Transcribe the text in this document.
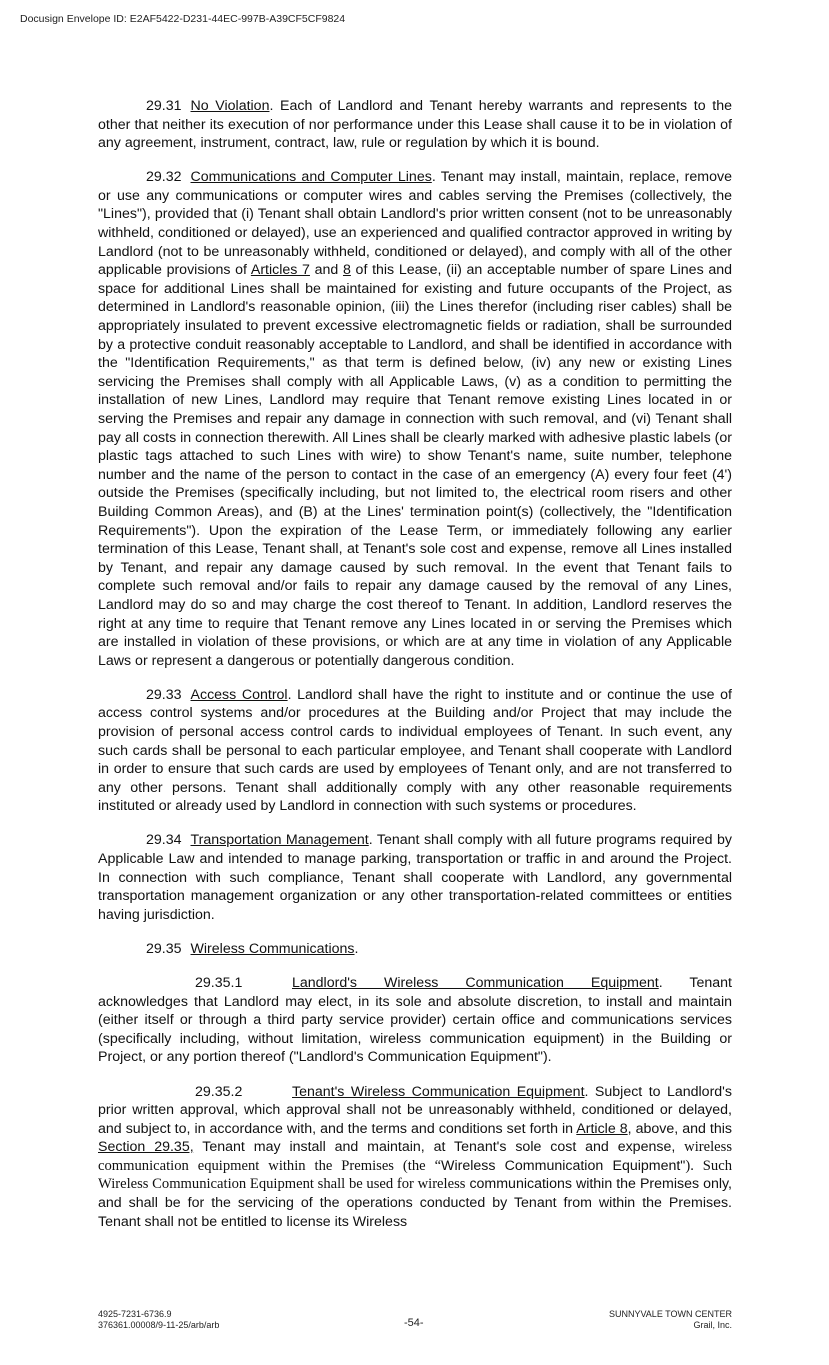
Docusign Envelope ID: E2AF5422-D231-44EC-997B-A39CF5CF9824

29.31 No Violation. Each of Landlord and Tenant hereby warrants and represents to the other that neither its execution of nor performance under this Lease shall cause it to be in violation of any agreement, instrument, contract, law, rule or regulation by which it is bound.

29.32 Communications and Computer Lines. Tenant may install, maintain, replace, remove or use any communications or computer wires and cables serving the Premises (collectively, the "Lines"), provided that (i) Tenant shall obtain Landlord's prior written consent (not to be unreasonably withheld, conditioned or delayed), use an experienced and qualified contractor approved in writing by Landlord (not to be unreasonably withheld, conditioned or delayed), and comply with all of the other applicable provisions of Articles 7 and 8 of this Lease, (ii) an acceptable number of spare Lines and space for additional Lines shall be maintained for existing and future occupants of the Project, as determined in Landlord's reasonable opinion, (iii) the Lines therefor (including riser cables) shall be appropriately insulated to prevent excessive electromagnetic fields or radiation, shall be surrounded by a protective conduit reasonably acceptable to Landlord, and shall be identified in accordance with the "Identification Requirements," as that term is defined below, (iv) any new or existing Lines servicing the Premises shall comply with all Applicable Laws, (v) as a condition to permitting the installation of new Lines, Landlord may require that Tenant remove existing Lines located in or serving the Premises and repair any damage in connection with such removal, and (vi) Tenant shall pay all costs in connection therewith. All Lines shall be clearly marked with adhesive plastic labels (or plastic tags attached to such Lines with wire) to show Tenant's name, suite number, telephone number and the name of the person to contact in the case of an emergency (A) every four feet (4') outside the Premises (specifically including, but not limited to, the electrical room risers and other Building Common Areas), and (B) at the Lines' termination point(s) (collectively, the "Identification Requirements"). Upon the expiration of the Lease Term, or immediately following any earlier termination of this Lease, Tenant shall, at Tenant's sole cost and expense, remove all Lines installed by Tenant, and repair any damage caused by such removal. In the event that Tenant fails to complete such removal and/or fails to repair any damage caused by the removal of any Lines, Landlord may do so and may charge the cost thereof to Tenant. In addition, Landlord reserves the right at any time to require that Tenant remove any Lines located in or serving the Premises which are installed in violation of these provisions, or which are at any time in violation of any Applicable Laws or represent a dangerous or potentially dangerous condition.

29.33 Access Control. Landlord shall have the right to institute and or continue the use of access control systems and/or procedures at the Building and/or Project that may include the provision of personal access control cards to individual employees of Tenant. In such event, any such cards shall be personal to each particular employee, and Tenant shall cooperate with Landlord in order to ensure that such cards are used by employees of Tenant only, and are not transferred to any other persons. Tenant shall additionally comply with any other reasonable requirements instituted or already used by Landlord in connection with such systems or procedures.

29.34 Transportation Management. Tenant shall comply with all future programs required by Applicable Law and intended to manage parking, transportation or traffic in and around the Project. In connection with such compliance, Tenant shall cooperate with Landlord, any governmental transportation management organization or any other transportation-related committees or entities having jurisdiction.

29.35 Wireless Communications.

29.35.1	Landlord's Wireless Communication Equipment. Tenant acknowledges that Landlord may elect, in its sole and absolute discretion, to install and maintain (either itself or through a third party service provider) certain office and communications services (specifically including, without limitation, wireless communication equipment) in the Building or Project, or any portion thereof ("Landlord's Communication Equipment").

29.35.2	Tenant's Wireless Communication Equipment. Subject to Landlord's prior written approval, which approval shall not be unreasonably withheld, conditioned or delayed, and subject to, in accordance with, and the terms and conditions set forth in Article 8, above, and this Section 29.35, Tenant may install and maintain, at Tenant's sole cost and expense, wireless communication equipment within the Premises (the “Wireless Communication Equipment"). Such Wireless Communication Equipment shall be used for wireless communications within the Premises only, and shall be for the servicing of the operations conducted by Tenant from within the Premises. Tenant shall not be entitled to license its Wireless

4925-7231-6736.9
376361.00008/9-11-25/arb/arb	-54-
SUNNYVALE TOWN CENTER
Grail, Inc.
